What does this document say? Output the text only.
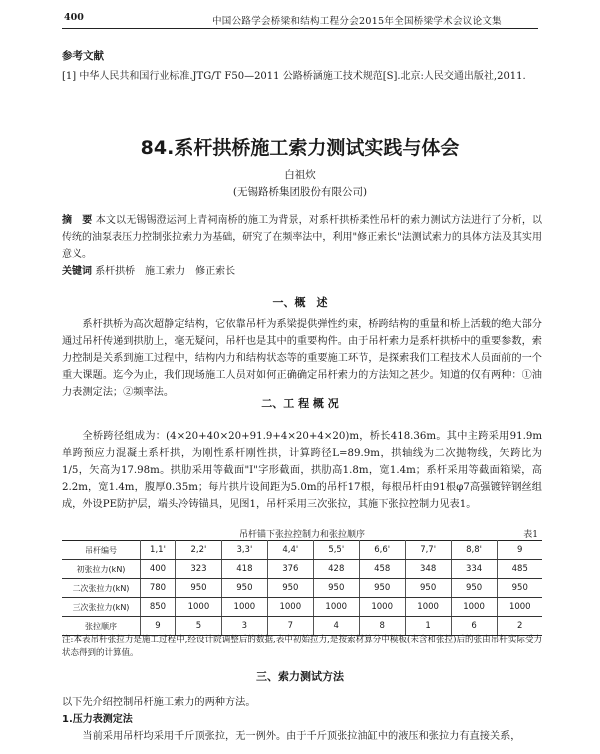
400	中国公路学会桥梁和结构工程分会2015年全国桥梁学术会议论文集
参考文献
[1] 中华人民共和国行业标准.JTG/T F50—2011 公路桥涵施工技术规范[S].北京:人民交通出版社,2011.
84.系杆拱桥施工索力测试实践与体会
白祖炊
(无锡路桥集团股份有限公司)
摘　要 本文以无锡锡澄运河上青祠南桥的施工为背景，对系杆拱桥柔性吊杆的索力测试方法进行了分析，以传统的油泵表压力控制张拉索力为基础，研究了在频率法中，利用"修正索长"法测试索力的具体方法及其实用意义。
关键词 系杆拱桥　施工索力　修正索长
一、概　述
系杆拱桥为高次超静定结构，它依靠吊杆为系梁提供弹性约束，桥跨结构的重量和桥上活载的绝大部分通过吊杆传递到拱肋上，毫无疑问，吊杆也是其中的重要构件。由于吊杆索力是系杆拱桥中的重要参数，索力控制是关系到施工过程中，结构内力和结构状态等的重要施工环节，是探索我们工程技术人员面前的一个重大课题。迄今为止，我们现场施工人员对如何正确确定吊杆索力的方法知之甚少。知道的仅有两种：①油力表测定法；②频率法。
二、工 程 概 况
全桥跨径组成为：(4×20+40×20+91.9+4×20+4×20)m，桥长418.36m。其中主跨采用91.9m单跨预应力混凝土系杆拱，为刚性系杆刚性拱，计算跨径L=89.9m，拱轴线为二次抛物线，矢跨比为1/5，矢高为17.98m。拱肋采用等截面"I"字形截面，拱肋高1.8m，宽1.4m；系杆采用等截面箱梁，高2.2m，宽1.4m，腹厚0.35m；每片拱片设间距为5.0m的吊杆17根，每根吊杆由91根φ7高强镀锌钢丝组成，外设PE防护层，端头冷铸锚具，见图1，吊杆采用三次张拉，其施下张拉控制力见表1。
吊杆锚下张拉控制力和张拉顺序	表1
吊杆编号	1,1'	2,2'	3,3'	4,4'	5,5'	6,6'	7,7'	8,8'	9
初张拉力(kN)	400	323	418	376	428	458	348	334	485
二次张拉力(kN)	780	950	950	950	950	950	950	950	950
三次张拉力(kN)	850	1000	1000	1000	1000	1000	1000	1000	1000
张拉顺序	9	5	3	7	4	8	1	6	2
注:本表吊杆张拉力是施工过程中,经设计院调整后的数据,表中初始拉力,是按索材算分中模板(未含和张拉)后的张由吊杆实际受力状态得到的计算值。
三、索力测试方法
以下先介绍控制吊杆施工索力的两种方法。
1.压力表测定法
当前采用吊杆均采用千斤顶张拉，无一例外。由于千斤顶张拉油缸中的液压和张拉力有直接关系，
